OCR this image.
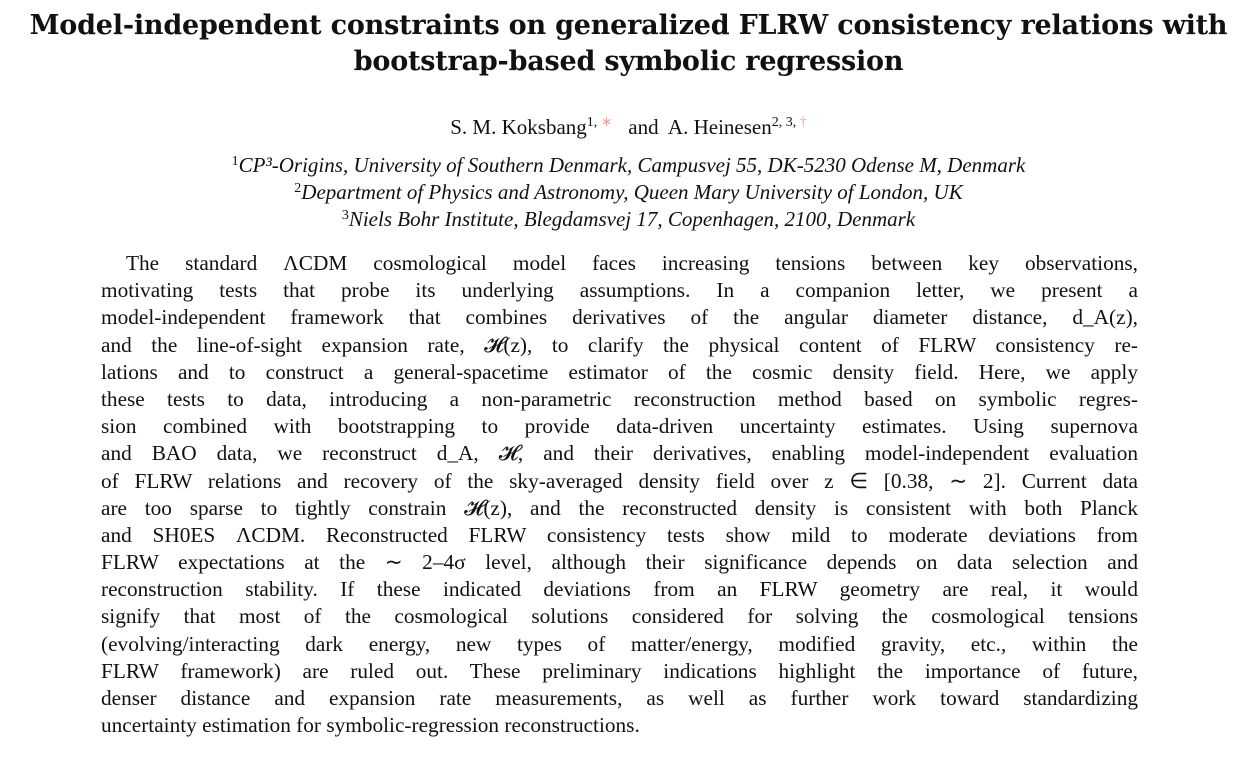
Model-independent constraints on generalized FLRW consistency relations with
bootstrap-based symbolic regression
S. M. Koksbang$^{1, ∗}$ and A. Heinesen$^{2, 3, \dagger}$
$^1$CP³-Origins, University of Southern Denmark, Campusvej 55, DK-5230 Odense M, Denmark
$^2$Department of Physics and Astronomy, Queen Mary University of London, UK
$^3$Niels Bohr Institute, Blegdamsvej 17, Copenhagen, 2100, Denmark
The standard ΛCDM cosmological model faces increasing tensions between key observations,
motivating tests that probe its underlying assumptions. In a companion letter, we present a
model-independent framework that combines derivatives of the angular diameter distance, d_A(z),
and the line-of-sight expansion rate, 𝓗(z), to clarify the physical content of FLRW consistency re-
lations and to construct a general-spacetime estimator of the cosmic density field. Here, we apply
these tests to data, introducing a non-parametric reconstruction method based on symbolic regres-
sion combined with bootstrapping to provide data-driven uncertainty estimates. Using supernova
and BAO data, we reconstruct d_A, 𝓗, and their derivatives, enabling model-independent evaluation
of FLRW relations and recovery of the sky-averaged density field over z ∈ [0.38, ∼ 2]. Current data
are too sparse to tightly constrain 𝓗(z), and the reconstructed density is consistent with both Planck
and SH0ES ΛCDM. Reconstructed FLRW consistency tests show mild to moderate deviations from
FLRW expectations at the ∼ 2–4σ level, although their significance depends on data selection and
reconstruction stability. If these indicated deviations from an FLRW geometry are real, it would
signify that most of the cosmological solutions considered for solving the cosmological tensions
(evolving/interacting dark energy, new types of matter/energy, modified gravity, etc., within the
FLRW framework) are ruled out. These preliminary indications highlight the importance of future,
denser distance and expansion rate measurements, as well as further work toward standardizing
uncertainty estimation for symbolic-regression reconstructions.
